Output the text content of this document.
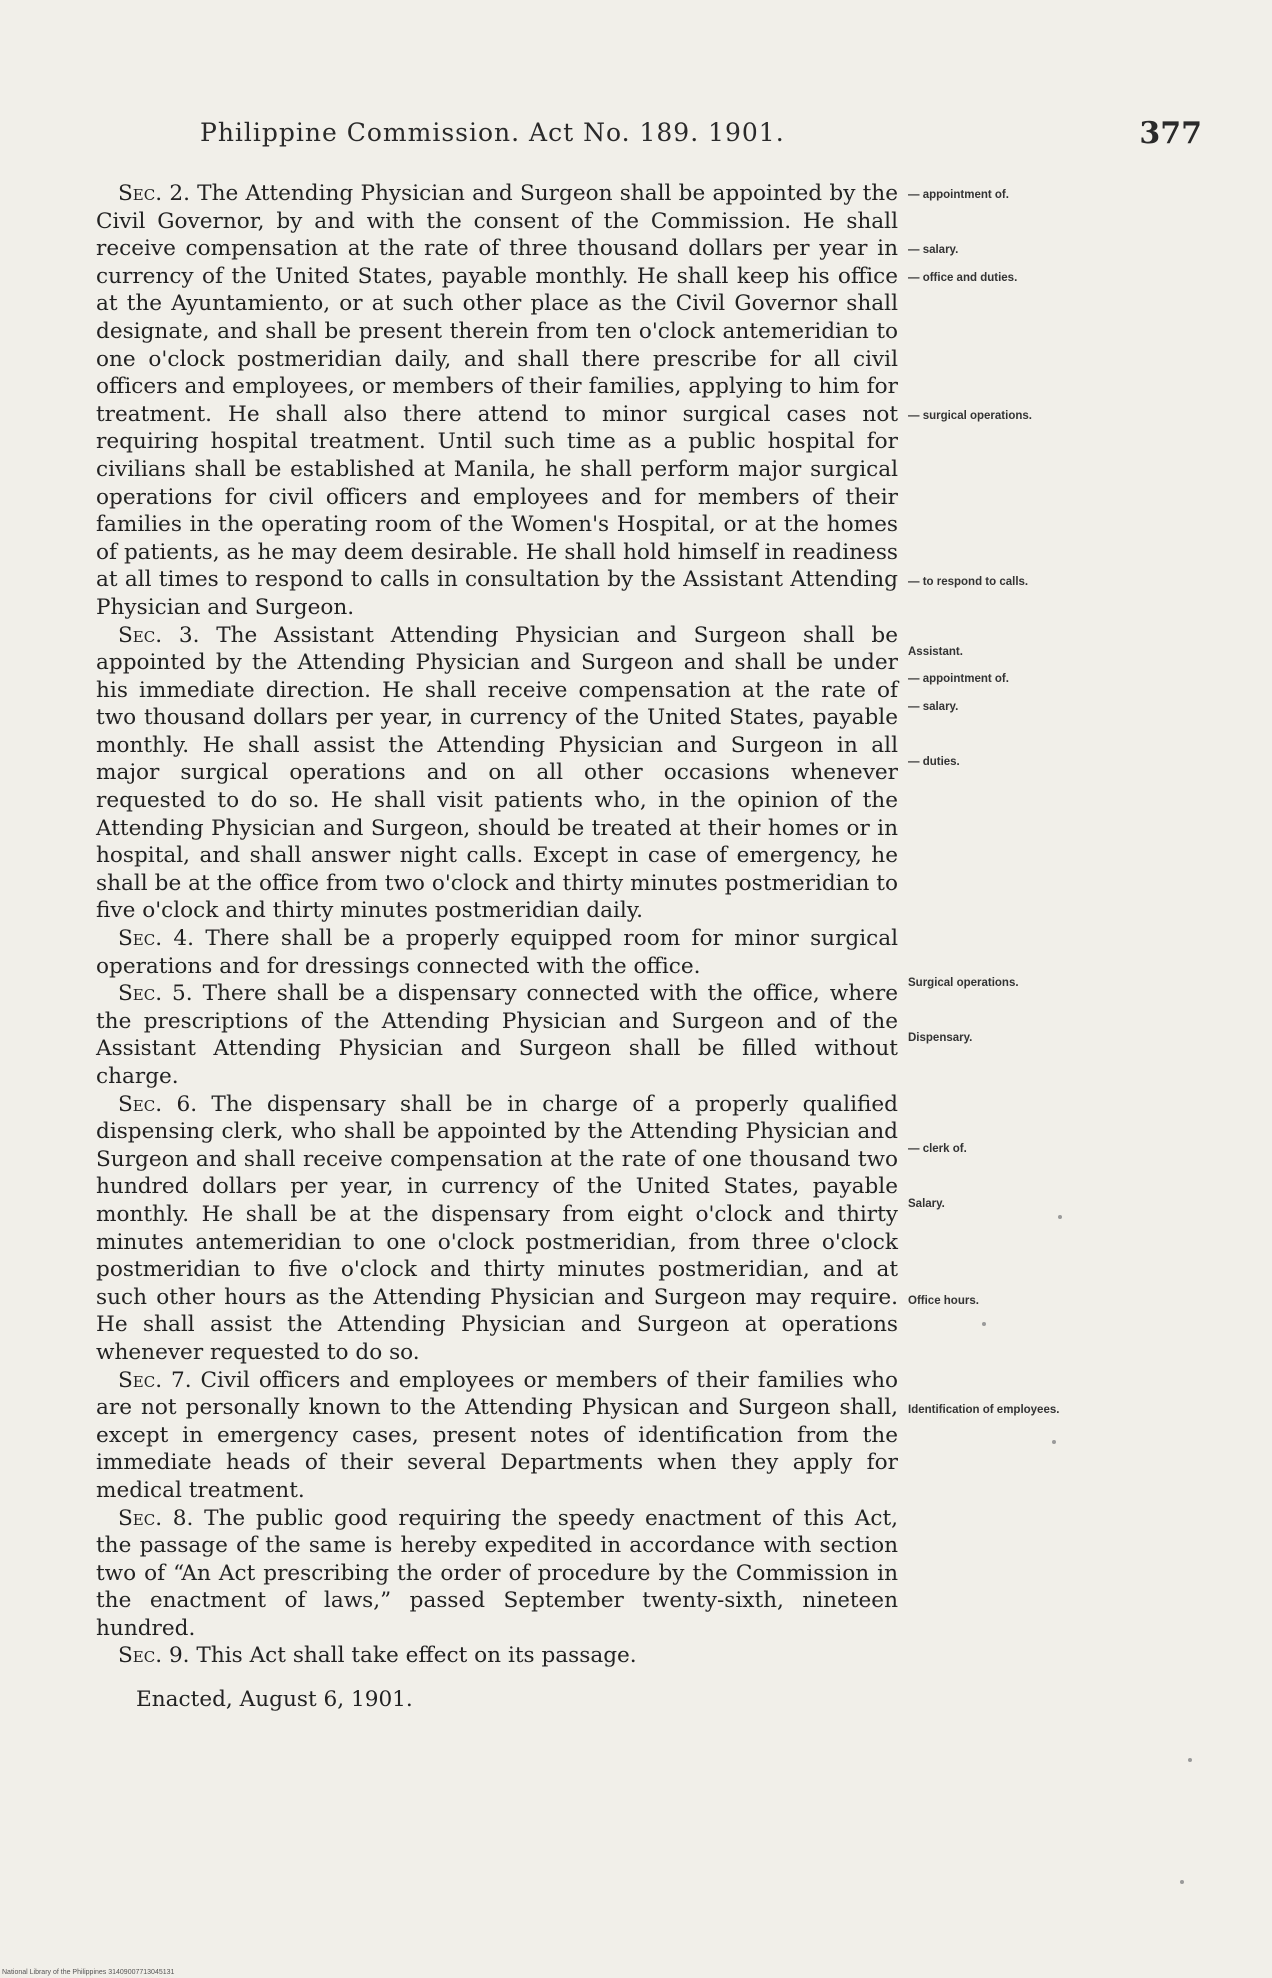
Philippine Commission. Act No. 189. 1901.	377

Sec. 2. The Attending Physician and Surgeon shall be appointed by the Civil Governor, by and with the consent of the Commission. He shall receive compensation at the rate of three thousand dollars per year in currency of the United States, payable monthly. He shall keep his office at the Ayuntamiento, or at such other place as the Civil Governor shall designate, and shall be present therein from ten o'clock antemeridian to one o'clock postmeridian daily, and shall there prescribe for all civil officers and employees, or members of their families, applying to him for treatment. He shall also there attend to minor surgical cases not requiring hospital treatment. Until such time as a public hospital for civilians shall be established at Manila, he shall perform major surgical operations for civil officers and employees and for members of their families in the operating room of the Women's Hospital, or at the homes of patients, as he may deem desirable. He shall hold himself in readiness at all times to respond to calls in consultation by the Assistant Attending Physician and Surgeon.

Sec. 3. The Assistant Attending Physician and Surgeon shall be appointed by the Attending Physician and Surgeon and shall be under his immediate direction. He shall receive compensation at the rate of two thousand dollars per year, in currency of the United States, payable monthly. He shall assist the Attending Physician and Surgeon in all major surgical operations and on all other occasions whenever requested to do so. He shall visit patients who, in the opinion of the Attending Physician and Surgeon, should be treated at their homes or in hospital, and shall answer night calls. Except in case of emergency, he shall be at the office from two o'clock and thirty minutes postmeridian to five o'clock and thirty minutes postmeridian daily.

Sec. 4. There shall be a properly equipped room for minor surgical operations and for dressings connected with the office.

Sec. 5. There shall be a dispensary connected with the office, where the prescriptions of the Attending Physician and Surgeon and of the Assistant Attending Physician and Surgeon shall be filled without charge.

Sec. 6. The dispensary shall be in charge of a properly qualified dispensing clerk, who shall be appointed by the Attending Physician and Surgeon and shall receive compensation at the rate of one thousand two hundred dollars per year, in currency of the United States, payable monthly. He shall be at the dispensary from eight o'clock and thirty minutes antemeridian to one o'clock postmeridian, from three o'clock postmeridian to five o'clock and thirty minutes postmeridian, and at such other hours as the Attending Physician and Surgeon may require. He shall assist the Attending Physician and Surgeon at operations whenever requested to do so.

Sec. 7. Civil officers and employees or members of their families who are not personally known to the Attending Physican and Surgeon shall, except in emergency cases, present notes of identification from the immediate heads of their several Departments when they apply for medical treatment.

Sec. 8. The public good requiring the speedy enactment of this Act, the passage of the same is hereby expedited in accordance with section two of “An Act prescribing the order of procedure by the Commission in the enactment of laws,” passed September twenty-sixth, nineteen hundred.

Sec. 9. This Act shall take effect on its passage.

Enacted, August 6, 1901.

— appointment of.
— salary.
— office and duties.
— surgical operations.
— to respond to calls.
Assistant.
— appointment of.
— salary.
— duties.
Surgical operations.
Dispensary.
— clerk of.
Salary.
Office hours.
Identification of employees.
National Library of the Philippines 31409007713045131
